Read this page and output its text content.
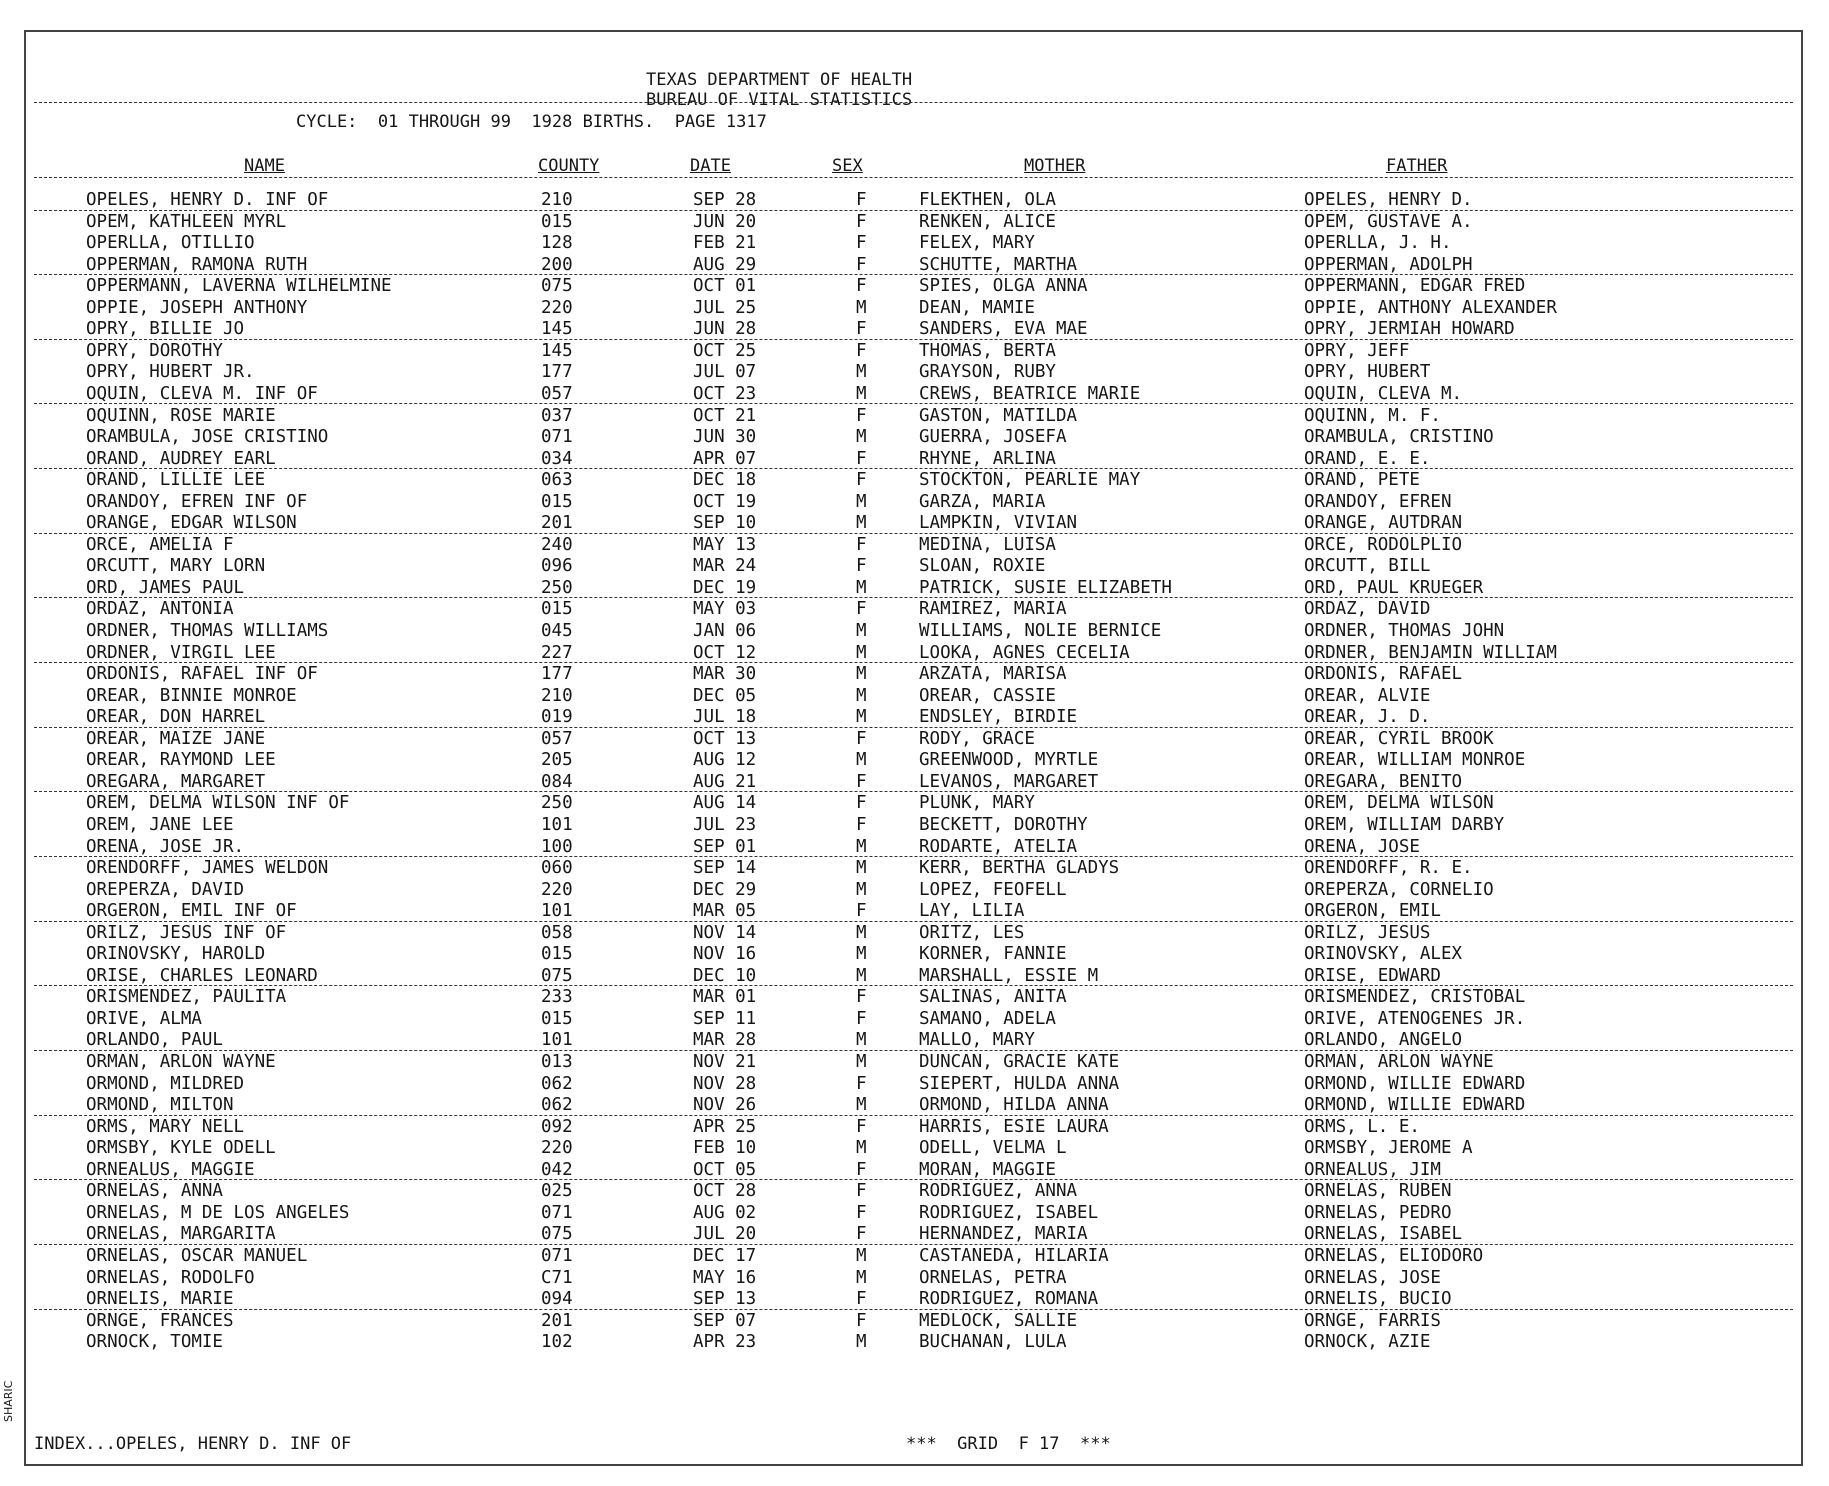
TEXAS DEPARTMENT OF HEALTH
BUREAU OF VITAL STATISTICS
CYCLE:  01 THROUGH 99  1928 BIRTHS.  PAGE 1317
NAME	COUNTY	DATE	SEX	MOTHER	FATHER
OPELES, HENRY D. INF OF	210	SEP 28	F	FLEKTHEN, OLA	OPELES, HENRY D.
OPEM, KATHLEEN MYRL	015	JUN 20	F	RENKEN, ALICE	OPEM, GUSTAVE A.
OPERLLA, OTILLIO	128	FEB 21	F	FELEX, MARY	OPERLLA, J. H.
OPPERMAN, RAMONA RUTH	200	AUG 29	F	SCHUTTE, MARTHA	OPPERMAN, ADOLPH
OPPERMANN, LAVERNA WILHELMINE	075	OCT 01	F	SPIES, OLGA ANNA	OPPERMANN, EDGAR FRED
OPPIE, JOSEPH ANTHONY	220	JUL 25	M	DEAN, MAMIE	OPPIE, ANTHONY ALEXANDER
OPRY, BILLIE JO	145	JUN 28	F	SANDERS, EVA MAE	OPRY, JERMIAH HOWARD
OPRY, DOROTHY	145	OCT 25	F	THOMAS, BERTA	OPRY, JEFF
OPRY, HUBERT JR.	177	JUL 07	M	GRAYSON, RUBY	OPRY, HUBERT
OQUIN, CLEVA M. INF OF	057	OCT 23	M	CREWS, BEATRICE MARIE	OQUIN, CLEVA M.
OQUINN, ROSE MARIE	037	OCT 21	F	GASTON, MATILDA	OQUINN, M. F.
ORAMBULA, JOSE CRISTINO	071	JUN 30	M	GUERRA, JOSEFA	ORAMBULA, CRISTINO
ORAND, AUDREY EARL	034	APR 07	F	RHYNE, ARLINA	ORAND, E. E.
ORAND, LILLIE LEE	063	DEC 18	F	STOCKTON, PEARLIE MAY	ORAND, PETE
ORANDOY, EFREN INF OF	015	OCT 19	M	GARZA, MARIA	ORANDOY, EFREN
ORANGE, EDGAR WILSON	201	SEP 10	M	LAMPKIN, VIVIAN	ORANGE, AUTDRAN
ORCE, AMELIA F	240	MAY 13	F	MEDINA, LUISA	ORCE, RODOLPLIO
ORCUTT, MARY LORN	096	MAR 24	F	SLOAN, ROXIE	ORCUTT, BILL
ORD, JAMES PAUL	250	DEC 19	M	PATRICK, SUSIE ELIZABETH	ORD, PAUL KRUEGER
ORDAZ, ANTONIA	015	MAY 03	F	RAMIREZ, MARIA	ORDAZ, DAVID
ORDNER, THOMAS WILLIAMS	045	JAN 06	M	WILLIAMS, NOLIE BERNICE	ORDNER, THOMAS JOHN
ORDNER, VIRGIL LEE	227	OCT 12	M	LOOKA, AGNES CECELIA	ORDNER, BENJAMIN WILLIAM
ORDONIS, RAFAEL INF OF	177	MAR 30	M	ARZATA, MARISA	ORDONIS, RAFAEL
OREAR, BINNIE MONROE	210	DEC 05	M	OREAR, CASSIE	OREAR, ALVIE
OREAR, DON HARREL	019	JUL 18	M	ENDSLEY, BIRDIE	OREAR, J. D.
OREAR, MAIZE JANE	057	OCT 13	F	RODY, GRACE	OREAR, CYRIL BROOK
OREAR, RAYMOND LEE	205	AUG 12	M	GREENWOOD, MYRTLE	OREAR, WILLIAM MONROE
OREGARA, MARGARET	084	AUG 21	F	LEVANOS, MARGARET	OREGARA, BENITO
OREM, DELMA WILSON INF OF	250	AUG 14	F	PLUNK, MARY	OREM, DELMA WILSON
OREM, JANE LEE	101	JUL 23	F	BECKETT, DOROTHY	OREM, WILLIAM DARBY
ORENA, JOSE JR.	100	SEP 01	M	RODARTE, ATELIA	ORENA, JOSE
ORENDORFF, JAMES WELDON	060	SEP 14	M	KERR, BERTHA GLADYS	ORENDORFF, R. E.
OREPERZA, DAVID	220	DEC 29	M	LOPEZ, FEOFELL	OREPERZA, CORNELIO
ORGERON, EMIL INF OF	101	MAR 05	F	LAY, LILIA	ORGERON, EMIL
ORILZ, JESUS INF OF	058	NOV 14	M	ORITZ, LES	ORILZ, JESUS
ORINOVSKY, HAROLD	015	NOV 16	M	KORNER, FANNIE	ORINOVSKY, ALEX
ORISE, CHARLES LEONARD	075	DEC 10	M	MARSHALL, ESSIE M	ORISE, EDWARD
ORISMENDEZ, PAULITA	233	MAR 01	F	SALINAS, ANITA	ORISMENDEZ, CRISTOBAL
ORIVE, ALMA	015	SEP 11	F	SAMANO, ADELA	ORIVE, ATENOGENES JR.
ORLANDO, PAUL	101	MAR 28	M	MALLO, MARY	ORLANDO, ANGELO
ORMAN, ARLON WAYNE	013	NOV 21	M	DUNCAN, GRACIE KATE	ORMAN, ARLON WAYNE
ORMOND, MILDRED	062	NOV 28	F	SIEPERT, HULDA ANNA	ORMOND, WILLIE EDWARD
ORMOND, MILTON	062	NOV 26	M	ORMOND, HILDA ANNA	ORMOND, WILLIE EDWARD
ORMS, MARY NELL	092	APR 25	F	HARRIS, ESIE LAURA	ORMS, L. E.
ORMSBY, KYLE ODELL	220	FEB 10	M	ODELL, VELMA L	ORMSBY, JEROME A
ORNEALUS, MAGGIE	042	OCT 05	F	MORAN, MAGGIE	ORNEALUS, JIM
ORNELAS, ANNA	025	OCT 28	F	RODRIGUEZ, ANNA	ORNELAS, RUBEN
ORNELAS, M DE LOS ANGELES	071	AUG 02	F	RODRIGUEZ, ISABEL	ORNELAS, PEDRO
ORNELAS, MARGARITA	075	JUL 20	F	HERNANDEZ, MARIA	ORNELAS, ISABEL
ORNELAS, OSCAR MANUEL	071	DEC 17	M	CASTANEDA, HILARIA	ORNELAS, ELIODORO
ORNELAS, RODOLFO	C71	MAY 16	M	ORNELAS, PETRA	ORNELAS, JOSE
ORNELIS, MARIE	094	SEP 13	F	RODRIGUEZ, ROMANA	ORNELIS, BUCIO
ORNGE, FRANCES	201	SEP 07	F	MEDLOCK, SALLIE	ORNGE, FARRIS
ORNOCK, TOMIE	102	APR 23	M	BUCHANAN, LULA	ORNOCK, AZIE
INDEX...OPELES, HENRY D. INF OF	***  GRID  F 17  ***
SHARIC
